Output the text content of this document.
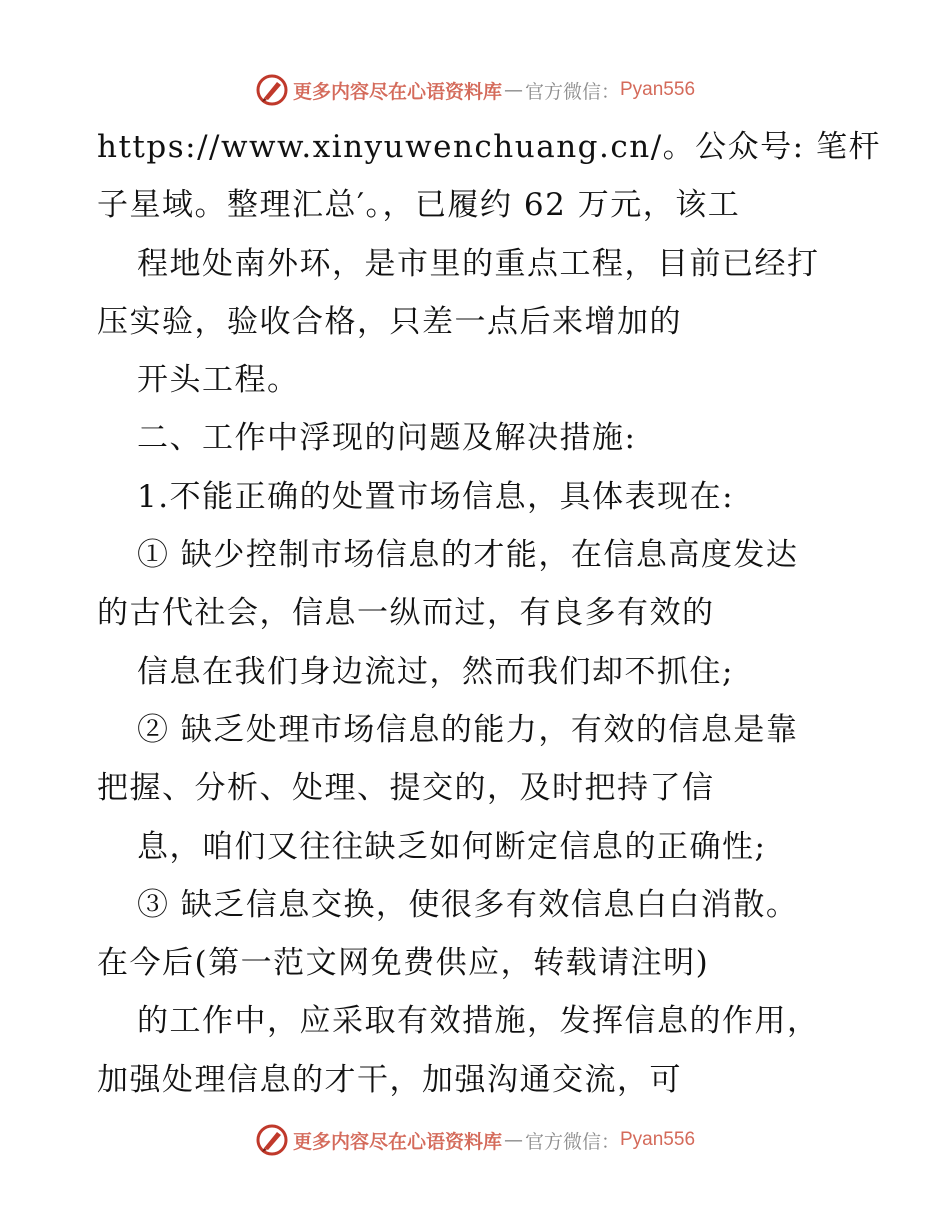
更多内容尽在心语资料库 — 官方微信： Pyan556
https://www.xinyuwenchuang.cn/。公众号: 笔杆
子星域。整理汇总′。，已履约 62 万元，该工
程地处南外环，是市里的重点工程，目前已经打
压实验，验收合格，只差一点后来增加的
开头工程。
二、工作中浮现的问题及解决措施:
1.不能正确的处置市场信息，具体表现在:
① 缺少控制市场信息的才能，在信息高度发达
的古代社会，信息一纵而过，有良多有效的
信息在我们身边流过，然而我们却不抓住;
② 缺乏处理市场信息的能力，有效的信息是靠
把握、分析、处理、提交的，及时把持了信
息，咱们又往往缺乏如何断定信息的正确性;
③ 缺乏信息交换，使很多有效信息白白消散。
在今后(第一范文网免费供应，转载请注明)
的工作中，应采取有效措施，发挥信息的作用，
加强处理信息的才干，加强沟通交流，可
更多内容尽在心语资料库 — 官方微信： Pyan556
